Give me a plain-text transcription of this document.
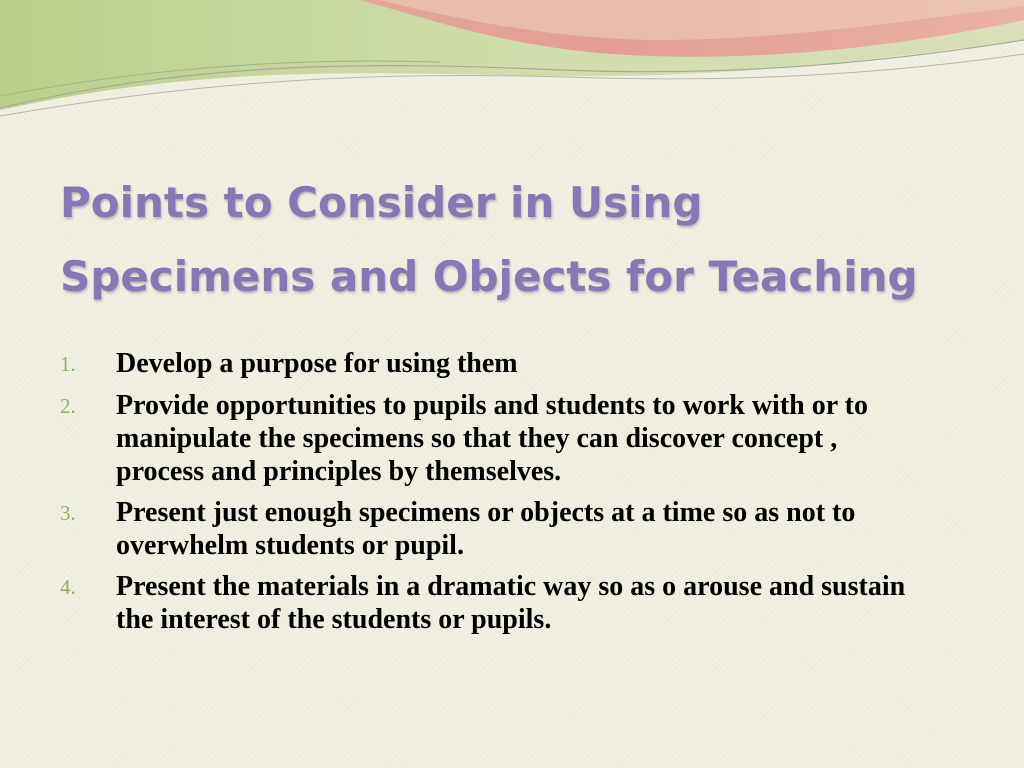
Points to Consider in Using
Specimens and Objects for Teaching
1.	Develop a purpose for using them
2.	Provide opportunities to pupils and students to work with or to manipulate the specimens so that they can discover concept , process and principles by themselves.
3.	Present just enough specimens or objects at a time so as not to overwhelm students or pupil.
4.	Present the materials in a dramatic way so as o arouse and sustain the interest of the students or pupils.
